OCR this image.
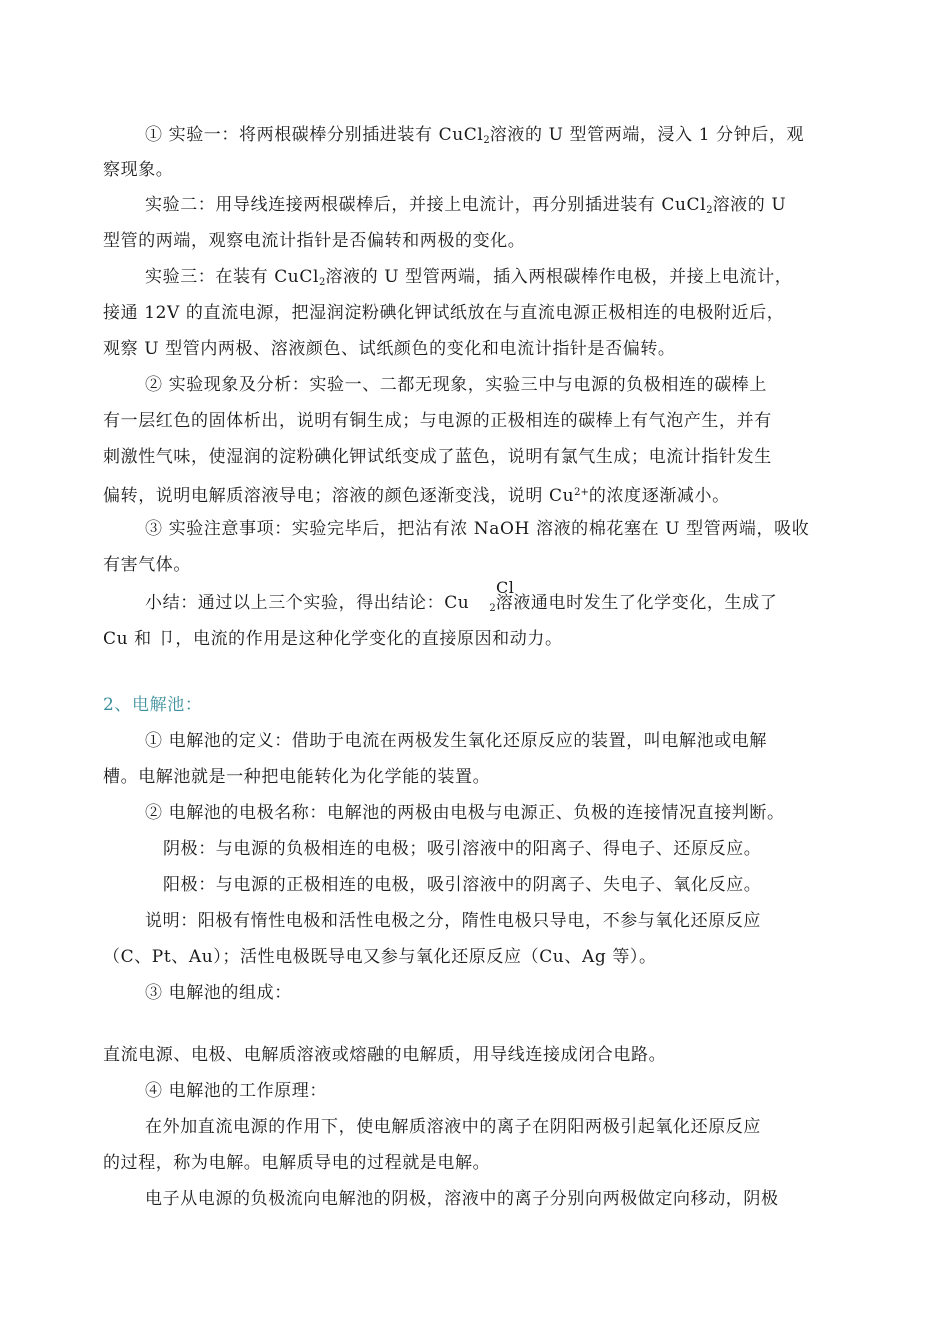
① 实验一：将两根碳棒分别插进装有 CuCl$_2$溶液的 U 型管两端，浸入 1 分钟后，观
察现象。
实验二：用导线连接两根碳棒后，并接上电流计，再分别插进装有 CuCl$_2$溶液的 U
型管的两端，观察电流计指针是否偏转和两极的变化。
实验三：在装有 CuCl$_2$溶液的 U 型管两端，插入两根碳棒作电极，并接上电流计，
接通 12V 的直流电源，把湿润淀粉碘化钾试纸放在与直流电源正极相连的电极附近后，
观察 U 型管内两极、溶液颜色、试纸颜色的变化和电流计指针是否偏转。
② 实验现象及分析：实验一、二都无现象，实验三中与电源的负极相连的碳棒上
有一层红色的固体析出，说明有铜生成；与电源的正极相连的碳棒上有气泡产生，并有
刺激性气味，使湿润的淀粉碘化钾试纸变成了蓝色，说明有氯气生成；电流计指针发生
偏转，说明电解质溶液导电；溶液的颜色逐渐变浅，说明 $Cu^{2+}$的浓度逐渐减小。
③ 实验注意事项：实验完毕后，把沾有浓 NaOH 溶液的棉花塞在 U 型管两端，吸收
有害气体。
Cl
小结：通过以上三个实验，得出结论：Cu $_2$溶液通电时发生了化学变化，生成了
Cu 和 卩，电流的作用是这种化学变化的直接原因和动力。
2、电解池：
① 电解池的定义：借助于电流在两极发生氧化还原反应的装置，叫电解池或电解
槽。电解池就是一种把电能转化为化学能的装置。
② 电解池的电极名称：电解池的两极由电极与电源正、负极的连接情况直接判断。
阴极：与电源的负极相连的电极；吸引溶液中的阳离子、得电子、还原反应。
阳极：与电源的正极相连的电极，吸引溶液中的阴离子、失电子、氧化反应。
说明：阳极有惰性电极和活性电极之分，隋性电极只导电，不参与氧化还原反应
（C、Pt、Au）；活性电极既导电又参与氧化还原反应（Cu、Ag 等）。
③ 电解池的组成：
直流电源、电极、电解质溶液或熔融的电解质，用导线连接成闭合电路。
④ 电解池的工作原理：
在外加直流电源的作用下，使电解质溶液中的离子在阴阳两极引起氧化还原反应
的过程，称为电解。电解质导电的过程就是电解。
电子从电源的负极流向电解池的阴极，溶液中的离子分别向两极做定向移动，阴极
